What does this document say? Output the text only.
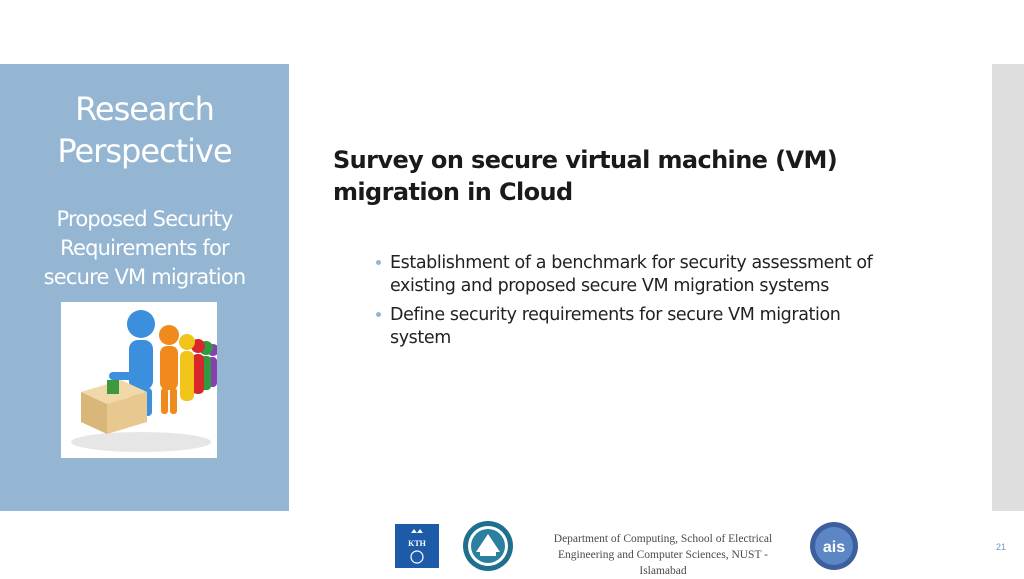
Research
Perspective
Proposed Security
Requirements for
secure VM migration
Survey on secure virtual machine (VM)
migration in Cloud
Establishment of a benchmark for security assessment of
existing and proposed secure VM migration systems
Define security requirements for secure VM migration
system
KTH	Department of Computing, School of Electrical
Engineering and Computer Sciences, NUST -
Islamabad
ais	21
